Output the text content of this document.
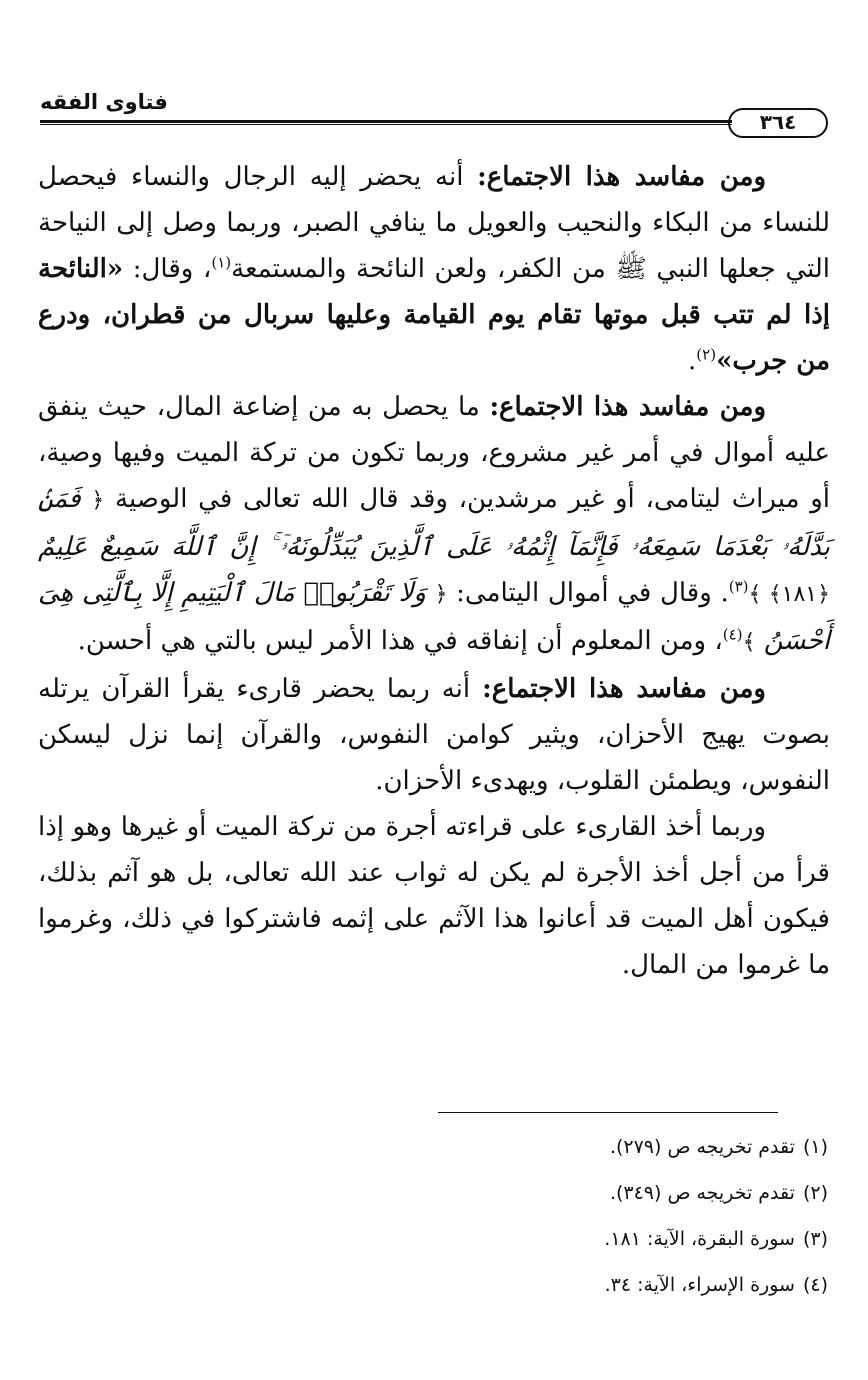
فتاوى الفقه
٣٦٤

ومن مفاسد هذا الاجتماع: أنه يحضر إليه الرجال والنساء فيحصل للنساء من البكاء والنحيب والعويل ما ينافي الصبر، وربما وصل إلى النياحة التي جعلها النبي ﷺ من الكفر، ولعن النائحة والمستمعة$^{(١)}$، وقال: «النائحة إذا لم تتب قبل موتها تقام يوم القيامة وعليها سربال من قطران، ودرع من جرب»$^{(٢)}$.

ومن مفاسد هذا الاجتماع: ما يحصل به من إضاعة المال، حيث ينفق عليه أموال في أمر غير مشروع، وربما تكون من تركة الميت وفيها وصية، أو ميراث ليتامى، أو غير مرشدين، وقد قال الله تعالى في الوصية ﴿ فَمَنۢ بَدَّلَهُۥ بَعْدَمَا سَمِعَهُۥ فَإِنَّمَآ إِثْمُهُۥ عَلَى ٱلَّذِينَ يُبَدِّلُونَهُۥٓ ۚ إِنَّ ٱللَّهَ سَمِيعٌ عَلِيمٌ ﴿١٨١﴾ ﴾$^{(٣)}$. وقال في أموال اليتامى: ﴿ وَلَا تَقْرَبُوا۟ مَالَ ٱلْيَتِيمِ إِلَّا بِٱلَّتِى هِىَ أَحْسَنُ ﴾$^{(٤)}$، ومن المعلوم أن إنفاقه في هذا الأمر ليس بالتي هي أحسن.

ومن مفاسد هذا الاجتماع: أنه ربما يحضر قارىء يقرأ القرآن يرتله بصوت يهيج الأحزان، ويثير كوامن النفوس، والقرآن إنما نزل ليسكن النفوس، ويطمئن القلوب، ويهدىء الأحزان.

وربما أخذ القارىء على قراءته أجرة من تركة الميت أو غيرها وهو إذا قرأ من أجل أخذ الأجرة لم يكن له ثواب عند الله تعالى، بل هو آثم بذلك، فيكون أهل الميت قد أعانوا هذا الآثم على إثمه فاشتركوا في ذلك، وغرموا ما غرموا من المال.

(١)تقدم تخريجه ص (٢٧٩).
(٢)تقدم تخريجه ص (٣٤٩).
(٣)سورة البقرة، الآية: ١٨١.
(٤)سورة الإسراء، الآية: ٣٤.
